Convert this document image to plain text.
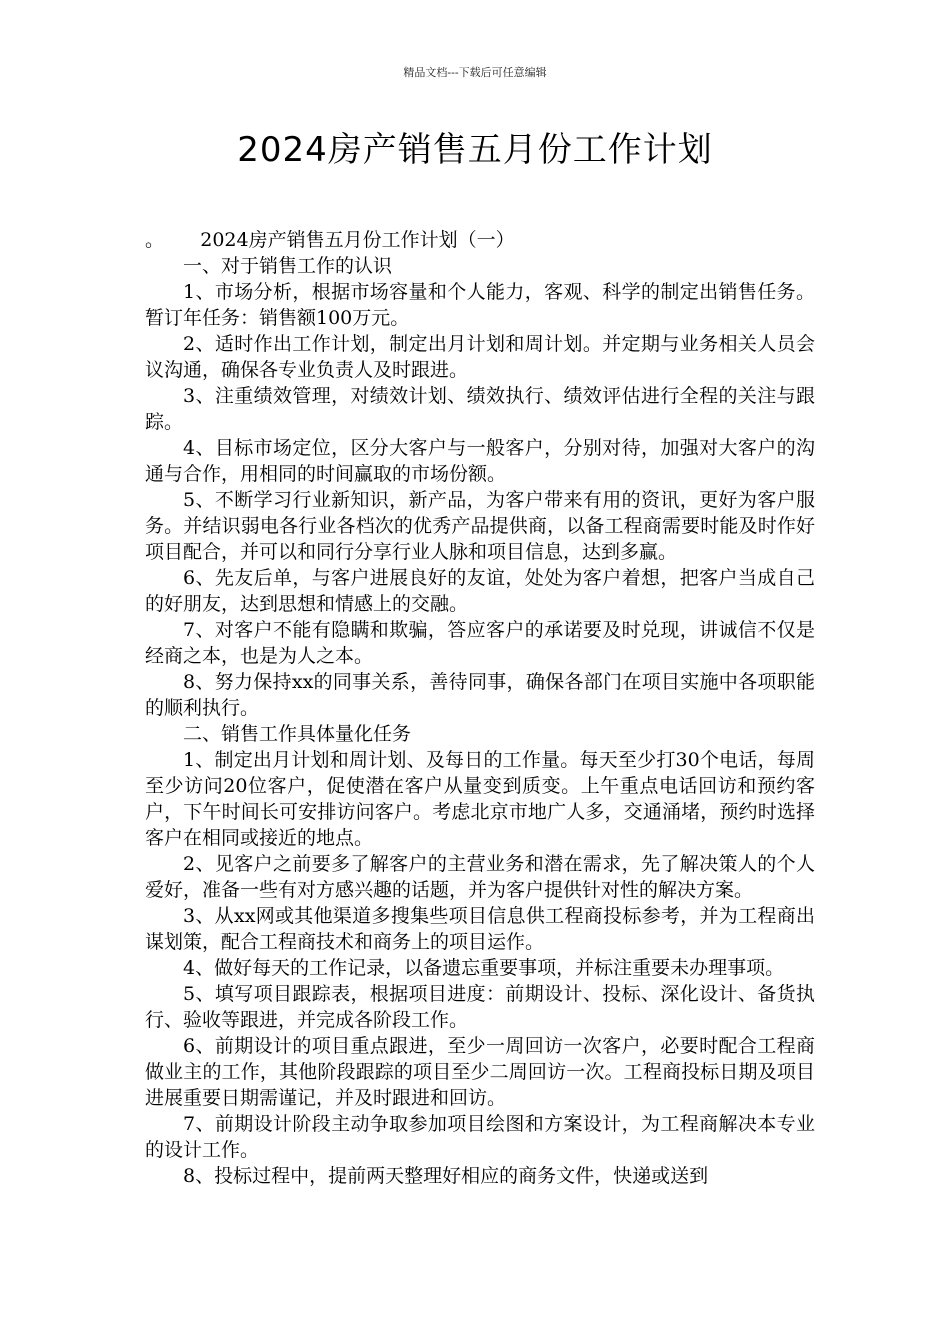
精品文档---下载后可任意编辑
2024房产销售五月份工作计划

。      2024房产销售五月份工作计划（一）

一、对于销售工作的认识

1、市场分析，根据市场容量和个人能力，客观、科学的制定出销售任务。暂订年任务：销售额100万元。

2、适时作出工作计划，制定出月计划和周计划。并定期与业务相关人员会议沟通，确保各专业负责人及时跟进。

3、注重绩效管理，对绩效计划、绩效执行、绩效评估进行全程的关注与跟踪。

4、目标市场定位，区分大客户与一般客户，分别对待，加强对大客户的沟通与合作，用相同的时间赢取的市场份额。

5、不断学习行业新知识，新产品，为客户带来有用的资讯，更好为客户服务。并结识弱电各行业各档次的优秀产品提供商，以备工程商需要时能及时作好项目配合，并可以和同行分享行业人脉和项目信息，达到多赢。

6、先友后单，与客户进展良好的友谊，处处为客户着想，把客户当成自己的好朋友，达到思想和情感上的交融。

7、对客户不能有隐瞒和欺骗，答应客户的承诺要及时兑现，讲诚信不仅是经商之本，也是为人之本。

8、努力保持xx的同事关系，善待同事，确保各部门在项目实施中各项职能的顺利执行。

二、销售工作具体量化任务

1、制定出月计划和周计划、及每日的工作量。每天至少打30个电话，每周至少访问20位客户，促使潜在客户从量变到质变。上午重点电话回访和预约客户，下午时间长可安排访问客户。考虑北京市地广人多，交通涌堵，预约时选择客户在相同或接近的地点。

2、见客户之前要多了解客户的主营业务和潜在需求，先了解决策人的个人爱好，准备一些有对方感兴趣的话题，并为客户提供针对性的解决方案。

3、从xx网或其他渠道多搜集些项目信息供工程商投标参考，并为工程商出谋划策，配合工程商技术和商务上的项目运作。

4、做好每天的工作记录，以备遗忘重要事项，并标注重要未办理事项。

5、填写项目跟踪表，根据项目进度：前期设计、投标、深化设计、备货执行、验收等跟进，并完成各阶段工作。

6、前期设计的项目重点跟进，至少一周回访一次客户，必要时配合工程商做业主的工作，其他阶段跟踪的项目至少二周回访一次。工程商投标日期及项目进展重要日期需谨记，并及时跟进和回访。

7、前期设计阶段主动争取参加项目绘图和方案设计，为工程商解决本专业的设计工作。

8、投标过程中，提前两天整理好相应的商务文件，快递或送到
